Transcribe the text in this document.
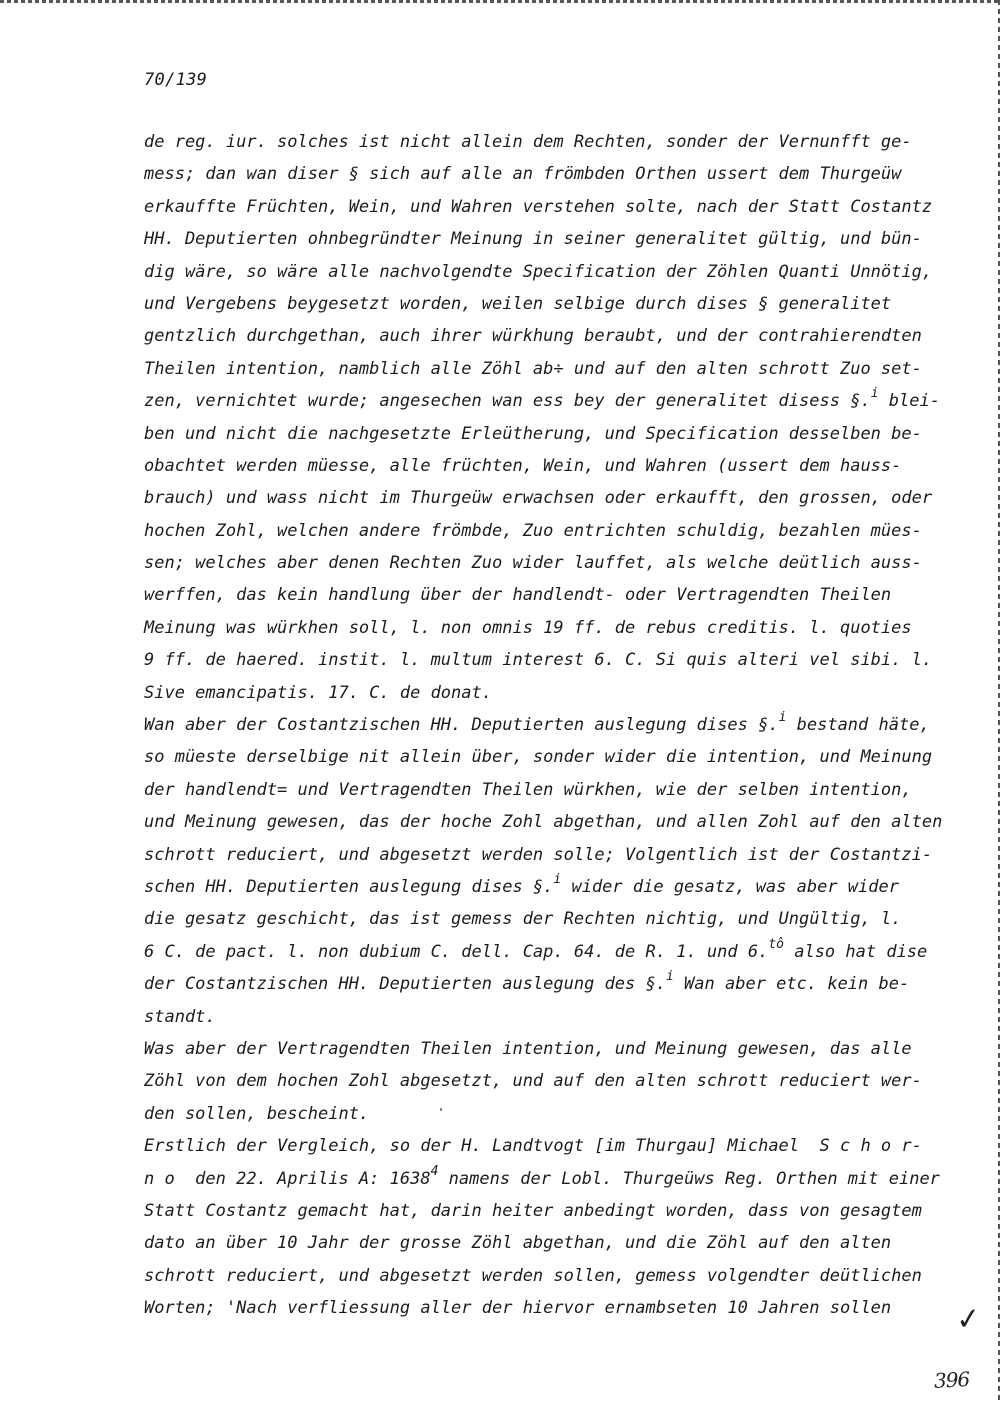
70/139
de reg. iur. solches ist nicht allein dem Rechten, sonder der Vernunfft ge-
mess; dan wan diser § sich auf alle an frömbden Orthen ussert dem Thurgeüw
erkauffte Früchten, Wein, und Wahren verstehen solte, nach der Statt Costantz
HH. Deputierten ohnbegründter Meinung in seiner generalitet gültig, und bün-
dig wäre, so wäre alle nachvolgendte Specification der Zöhlen Quanti Unnötig,
und Vergebens beygesetzt worden, weilen selbige durch dises § generalitet
gentzlich durchgethan, auch ihrer würkhung beraubt, und der contrahierendten
Theilen intention, namblich alle Zöhl ab÷ und auf den alten schrott Zuo set-
zen, vernichtet wurde; angesechen wan ess bey der generalitet disess §.$^i$ blei-
ben und nicht die nachgesetzte Erleütherung, und Specification desselben be-
obachtet werden müesse, alle früchten, Wein, und Wahren (ussert dem hauss-
brauch) und wass nicht im Thurgeüw erwachsen oder erkaufft, den grossen, oder
hochen Zohl, welchen andere frömbde, Zuo entrichten schuldig, bezahlen mües-
sen; welches aber denen Rechten Zuo wider lauffet, als welche deütlich auss-
werffen, das kein handlung über der handlendt- oder Vertragendten Theilen
Meinung was würkhen soll, l. non omnis 19 ff. de rebus creditis. l. quoties
9 ff. de haered. instit. l. multum interest 6. C. Si quis alteri vel sibi. l.
Sive emancipatis. 17. C. de donat.
Wan aber der Costantzischen HH. Deputierten auslegung dises §.$^i$ bestand häte,
so müeste derselbige nit allein über, sonder wider die intention, und Meinung
der handlendt= und Vertragendten Theilen würkhen, wie der selben intention,
und Meinung gewesen, das der hoche Zohl abgethan, und allen Zohl auf den alten
schrott reduciert, und abgesetzt werden solle; Volgentlich ist der Costantzi-
schen HH. Deputierten auslegung dises §.$^i$ wider die gesatz, was aber wider
die gesatz geschicht, das ist gemess der Rechten nichtig, und Ungültig, l.
6 C. de pact. l. non dubium C. dell. Cap. 64. de R. 1. und 6.$^{tô}$ also hat dise
der Costantzischen HH. Deputierten auslegung des §.$^i$ Wan aber etc. kein be-
standt.
Was aber der Vertragendten Theilen intention, und Meinung gewesen, das alle
Zöhl von dem hochen Zohl abgesetzt, und auf den alten schrott reduciert wer-
den sollen, bescheint.
Erstlich der Vergleich, so der H. Landtvogt [im Thurgau] Michael  S c h o r-
n o  den 22. Aprilis A: 1638$^4$ namens der Lobl. Thurgeüws Reg. Orthen mit einer
Statt Costantz gemacht hat, darin heiter anbedingt worden, dass von gesagtem
dato an über 10 Jahr der grosse Zöhl abgethan, und die Zöhl auf den alten
schrott reduciert, und abgesetzt werden sollen, gemess volgendter deütlichen
Worten; 'Nach verfliessung aller der hiervor ernambseten 10 Jahren sollen	✓
396
